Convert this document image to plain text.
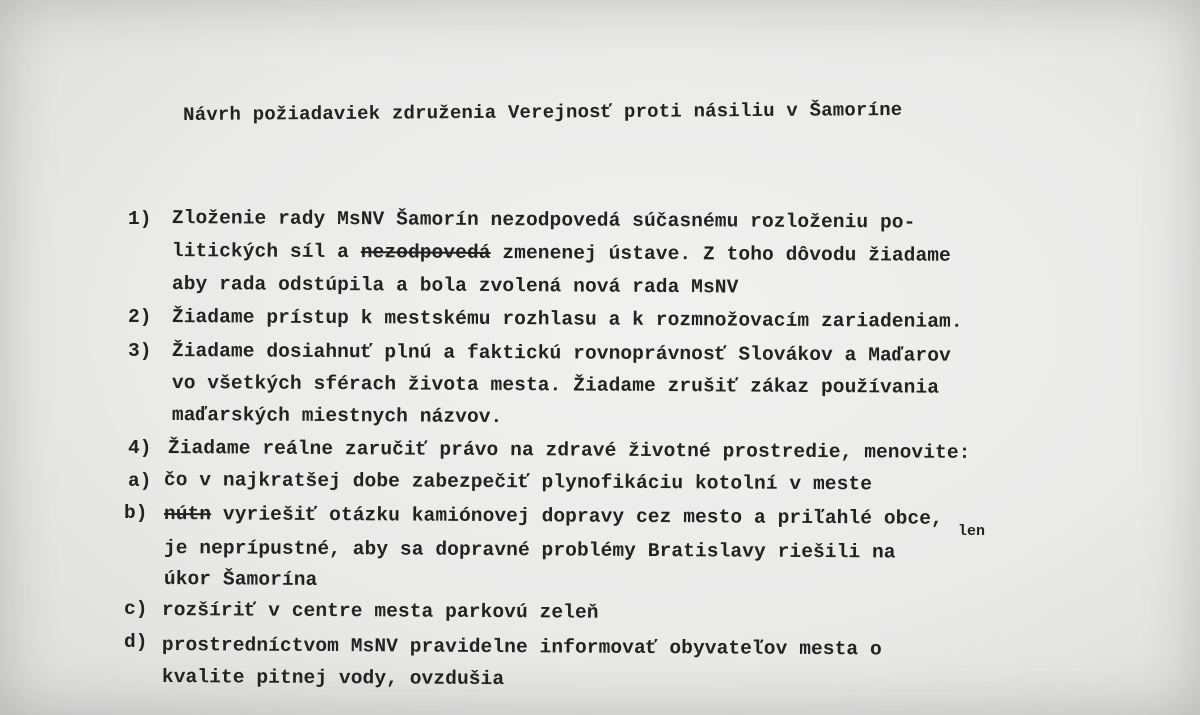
Návrh požiadaviek združenia Verejnosť proti násiliu v Šamoríne
1) Zloženie rady MsNV Šamorín nezodpovedá súčasnému rozloženiu po-
litických síl a nezodpovedá zmenenej ústave. Z toho dôvodu žiadame
aby rada odstúpila a bola zvolená nová rada MsNV
2) Žiadame prístup k mestskému rozhlasu a k rozmnožovacím zariadeniam.
3) Žiadame dosiahnuť plnú a faktickú rovnoprávnosť Slovákov a Maďarov
vo všetkých sférach života mesta. Žiadame zrušiť zákaz používania
maďarských miestnych názvov.
4) Žiadame reálne zaručiť právo na zdravé životné prostredie, menovite:
a) čo v najkratšej dobe zabezpečiť plynofikáciu kotolní v meste
b) nútn vyriešiť otázku kamiónovej dopravy cez mesto a priľahlé obce,
len
je neprípustné, aby sa dopravné problémy Bratislavy riešili na
úkor Šamorína
c) rozšíriť v centre mesta parkovú zeleň
d) prostredníctvom MsNV pravidelne informovať obyvateľov mesta o
kvalite pitnej vody, ovzdušia
